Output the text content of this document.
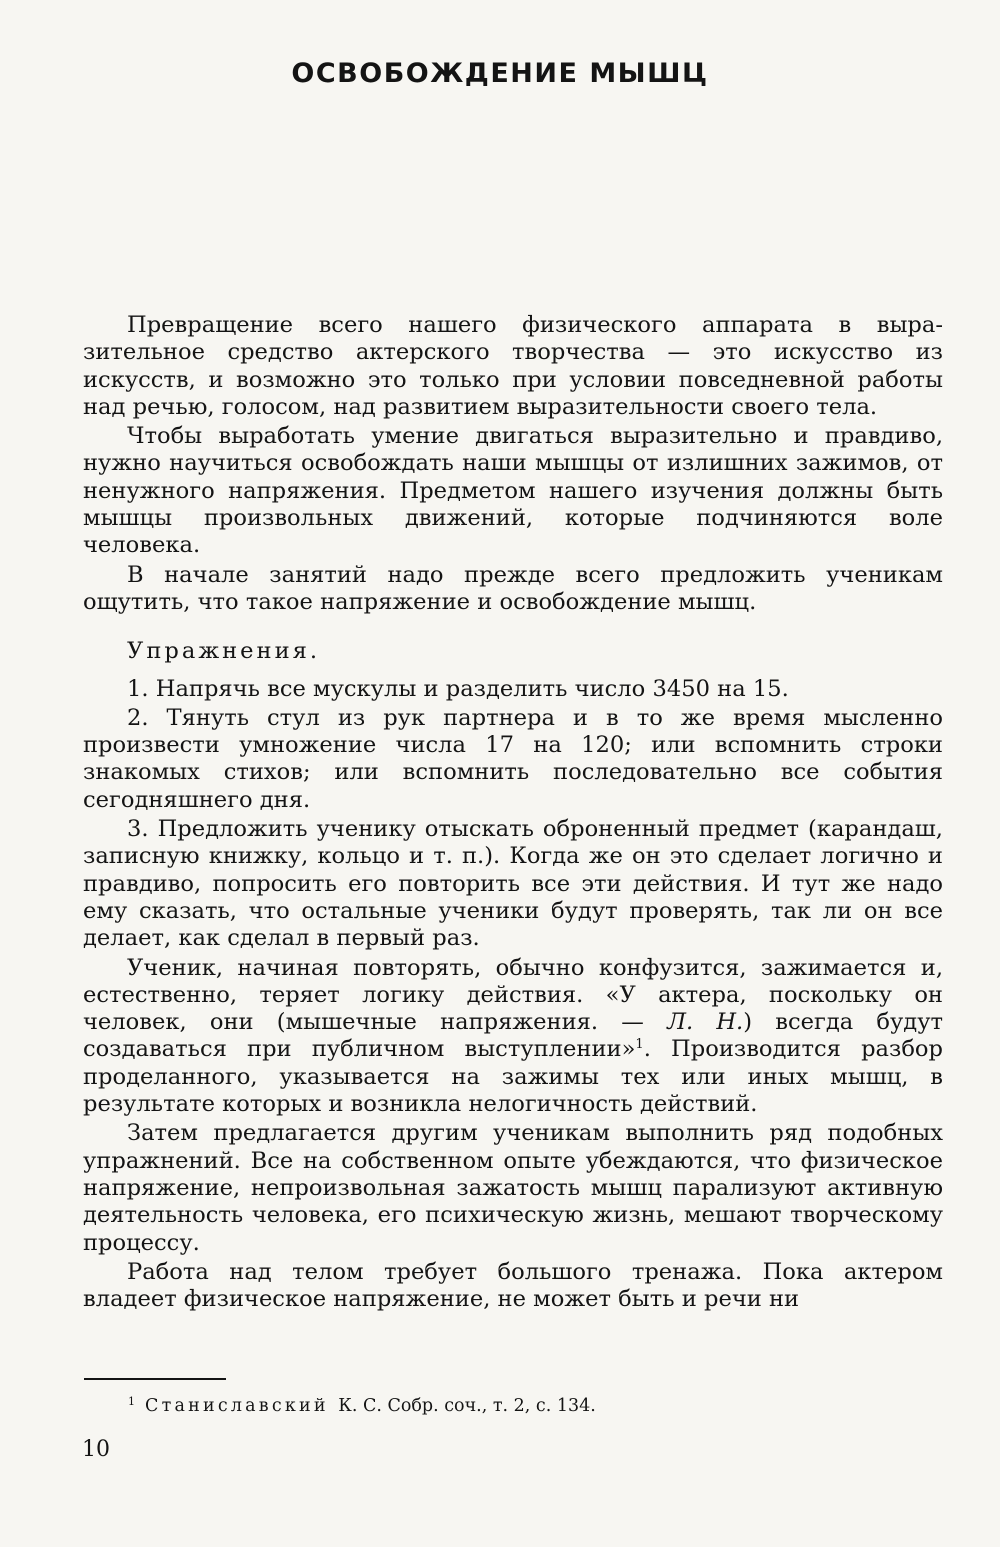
ОСВОБОЖДЕНИЕ МЫШЦ

Превращение всего нашего физического аппарата в выразительное средство актерского творчества — это искусство из искусств, и возможно это только при условии повседневной работы над речью, голосом, над развитием выразительности своего тела.

Чтобы выработать умение двигаться выразительно и правдиво, нужно научиться освобождать наши мышцы от излишних зажимов, от ненужного напряжения. Предметом нашего изучения должны быть мышцы произвольных движений, которые подчиняются воле человека.

В начале занятий надо прежде всего предложить ученикам ощутить, что такое напряжение и освобождение мышц.

Упражнения.

1. Напрячь все мускулы и разделить число 3450 на 15.

2. Тянуть стул из рук партнера и в то же время мысленно произвести умножение числа 17 на 120; или вспомнить строки знакомых стихов; или вспомнить последовательно все события сегодняшнего дня.

3. Предложить ученику отыскать оброненный предмет (карандаш, записную книжку, кольцо и т. п.). Когда же он это сделает логично и правдиво, попросить его повторить все эти действия. И тут же надо ему сказать, что остальные ученики будут проверять, так ли он все делает, как сделал в первый раз.

Ученик, начиная повторять, обычно конфузится, зажимается и, естественно, теряет логику действия. «У актера, поскольку он человек, они (мышечные напряжения. — Л. Н.) всегда будут создаваться при публичном выступлении»$^1$. Производится разбор проделанного, указывается на зажимы тех или иных мышц, в результате которых и возникла нелогичность действий.

Затем предлагается другим ученикам выполнить ряд подобных упражнений. Все на собственном опыте убеждаются, что физическое напряжение, непроизвольная зажатость мышц парализуют активную деятельность человека, его психическую жизнь, мешают творческому процессу.

Работа над телом требует большого тренажа. Пока актером владеет физическое напряжение, не может быть и речи ни

$^1$ Станиславский К. С. Собр. соч., т. 2, с. 134.
10
